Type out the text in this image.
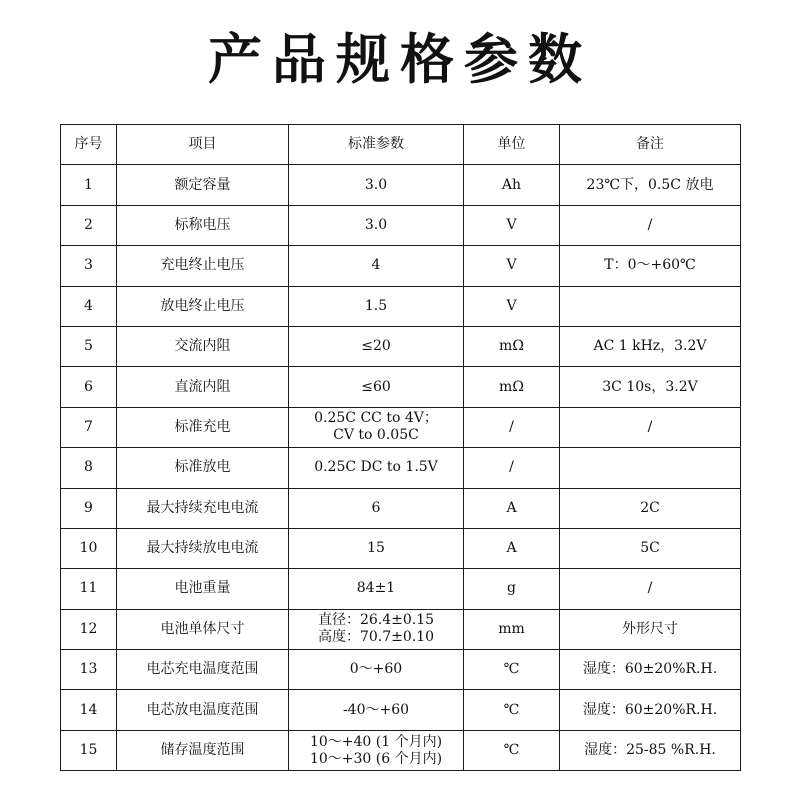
产品规格参数
序号	项目	标准参数	单位	备注
1	额定容量	3.0	Ah	23℃下，0.5C 放电
2	标称电压	3.0	V	/
3	充电终止电压	4	V	T：0～+60℃
4	放电终止电压	1.5	V	
5	交流内阻	≤20	mΩ	AC 1 kHz，3.2V
6	直流内阻	≤60	mΩ	3C 10s，3.2V
7	标准充电	0.25C CC to 4V；
CV to 0.05C	/	/
8	标准放电	0.25C DC to 1.5V	/	
9	最大持续充电电流	6	A	2C
10	最大持续放电电流	15	A	5C
11	电池重量	84±1	g	/
12	电池单体尺寸	直径：26.4±0.15
高度：70.7±0.10	mm	外形尺寸
13	电芯充电温度范围	0～+60	℃	湿度：60±20%R.H.
14	电芯放电温度范围	-40～+60	℃	湿度：60±20%R.H.
15	储存温度范围	10～+40 (1 个月内)
10～+30 (6 个月内)	℃	湿度：25-85 %R.H.
